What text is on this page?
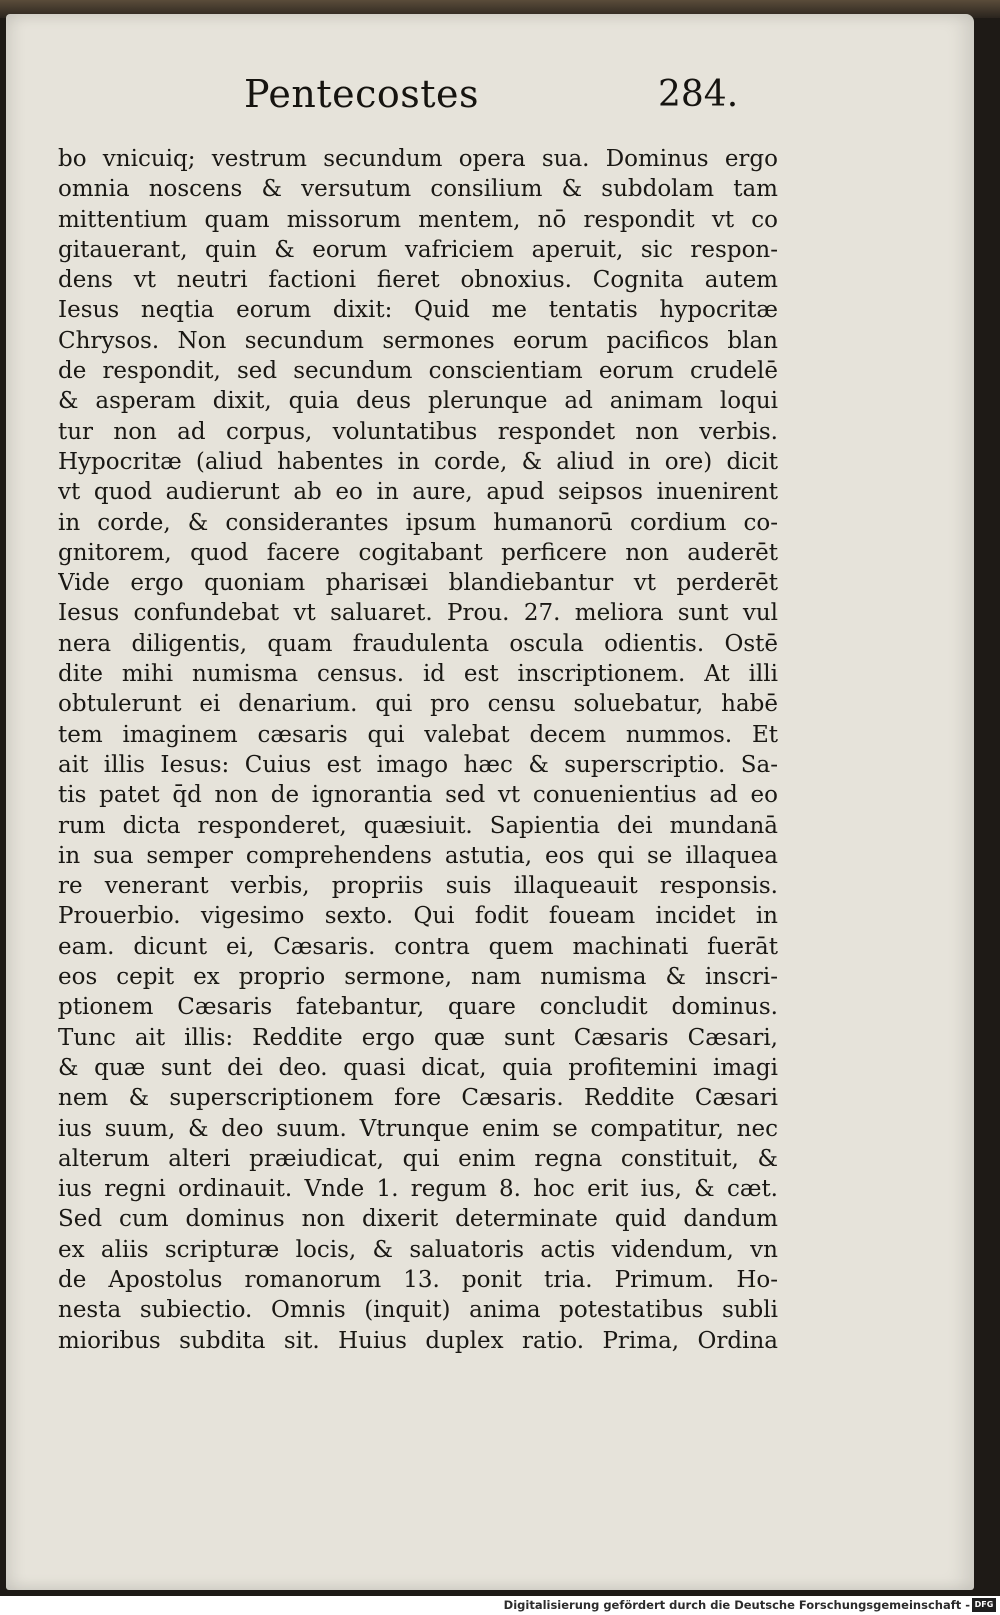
Pentecostes	284.
bo vnicuiq; vestrum secundum opera sua. Dominus ergo
omnia noscens & versutum consilium & subdolam tam
mittentium quam missorum mentem, nō respondit vt co
gitauerant, quin & eorum vafriciem aperuit, sic respon-
dens vt neutri factioni fieret obnoxius. Cognita autem
Iesus neqtia eorum dixit: Quid me tentatis hypocritæ
Chrysos. Non secundum sermones eorum pacificos blan
de respondit, sed secundum conscientiam eorum crudelē
& asperam dixit, quia deus plerunque ad animam loqui
tur non ad corpus, voluntatibus respondet non verbis.
Hypocritæ (aliud habentes in corde, & aliud in ore) dicit
vt quod audierunt ab eo in aure, apud seipsos inuenirent
in corde, & considerantes ipsum humanorū cordium co-
gnitorem, quod facere cogitabant perficere non auderēt
Vide ergo quoniam pharisæi blandiebantur vt perderēt
Iesus confundebat vt saluaret. Prou. 27. meliora sunt vul
nera diligentis, quam fraudulenta oscula odientis. Ostē
dite mihi numisma census. id est inscriptionem. At illi
obtulerunt ei denarium. qui pro censu soluebatur, habē
tem imaginem cæsaris qui valebat decem nummos. Et
ait illis Iesus: Cuius est imago hæc & superscriptio. Sa-
tis patet q̄d non de ignorantia sed vt conuenientius ad eo
rum dicta responderet, quæsiuit. Sapientia dei mundanā
in sua semper comprehendens astutia, eos qui se illaquea
re venerant verbis, propriis suis illaqueauit responsis.
Prouerbio. vigesimo sexto. Qui fodit foueam incidet in
eam. dicunt ei, Cæsaris. contra quem machinati fuerāt
eos cepit ex proprio sermone, nam numisma & inscri-
ptionem Cæsaris fatebantur, quare concludit dominus.
Tunc ait illis: Reddite ergo quæ sunt Cæsaris Cæsari,
& quæ sunt dei deo. quasi dicat, quia profitemini imagi
nem & superscriptionem fore Cæsaris. Reddite Cæsari
ius suum, & deo suum. Vtrunque enim se compatitur, nec
alterum alteri præiudicat, qui enim regna constituit, &
ius regni ordinauit. Vnde 1. regum 8. hoc erit ius, & cæt.
Sed cum dominus non dixerit determinate quid dandum
ex aliis scripturæ locis, & saluatoris actis videndum, vn
de Apostolus romanorum 13. ponit tria. Primum. Ho-
nesta subiectio. Omnis (inquit) anima potestatibus subli
mioribus subdita sit. Huius duplex ratio. Prima, Ordina
Digitalisierung gefördert durch die Deutsche Forschungsgemeinschaft - DFG
